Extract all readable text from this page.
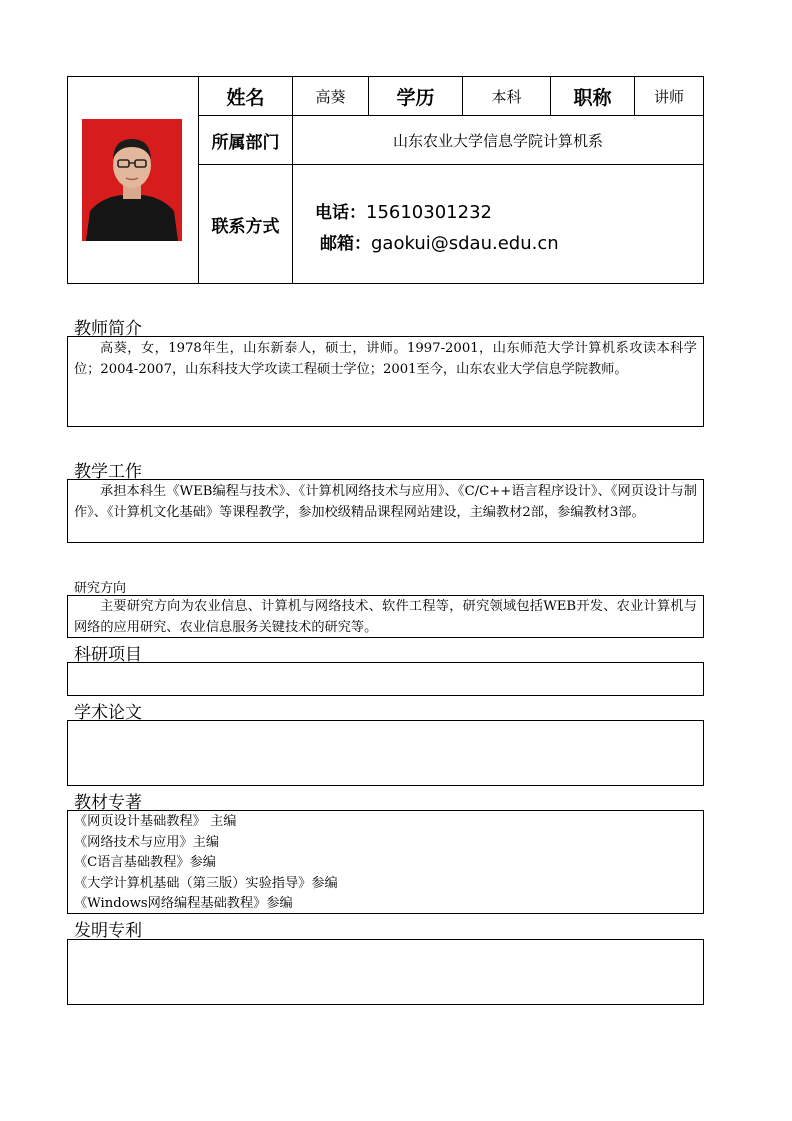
姓名	高葵	学历	本科	职称	讲师
所属部门	山东农业大学信息学院计算机系
联系方式
电话：15610301232
邮箱：gaokui@sdau.edu.cn
教师简介

高葵，女，1978年生，山东新泰人，硕士，讲师。1997-2001，山东师范大学计算机系攻读本科学位；2004-2007，山东科技大学攻读工程硕士学位；2001至今，山东农业大学信息学院教师。

教学工作

承担本科生《WEB编程与技术》、《计算机网络技术与应用》、《C/C++语言程序设计》、《网页设计与制作》、《计算机文化基础》等课程教学，参加校级精品课程网站建设，主编教材2部，参编教材3部。

研究方向

主要研究方向为农业信息、计算机与网络技术、软件工程等，研究领域包括WEB开发、农业计算机与网络的应用研究、农业信息服务关键技术的研究等。

科研项目
学术论文
教材专著
《网页设计基础教程》 主编
《网络技术与应用》主编
《C语言基础教程》参编
《大学计算机基础（第三版）实验指导》参编
《Windows网络编程基础教程》参编
发明专利
